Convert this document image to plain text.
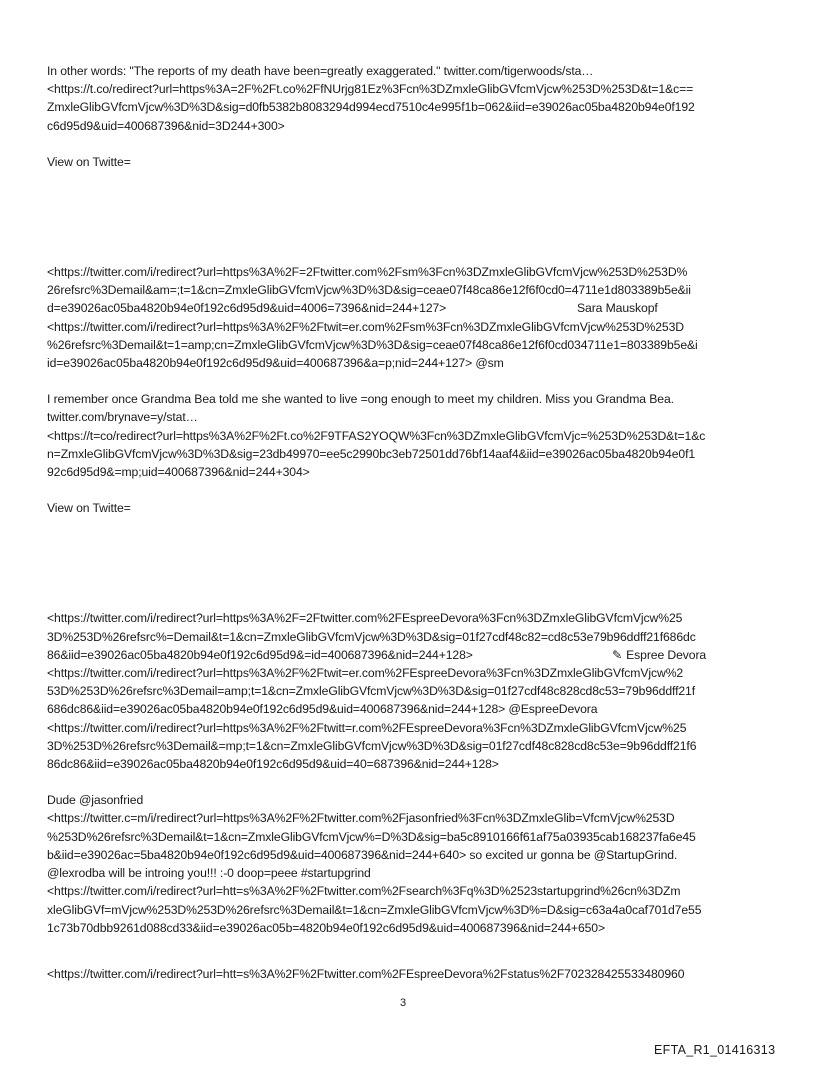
In other words: "The reports of my death have been=greatly exaggerated." twitter.com/tigerwoods/sta…
<https://t.co/redirect?url=https%3A=2F%2Ft.co%2FfNUrjg81Ez%3Fcn%3DZmxleGlibGVfcmVjcw%253D%253D&t=1&c==
ZmxleGlibGVfcmVjcw%3D%3D&sig=d0fb5382b8083294d994ecd7510c4e995f1b=062&iid=e39026ac05ba4820b94e0f192
c6d95d9&uid=400687396&nid=3D244+300>
View on Twitte=
<https://twitter.com/i/redirect?url=https%3A%2F=2Ftwitter.com%2Fsm%3Fcn%3DZmxleGlibGVfcmVjcw%253D%253D%
26refsrc%3Demail&am=;t=1&cn=ZmxleGlibGVfcmVjcw%3D%3D&sig=ceae07f48ca86e12f6f0cd0=4711e1d803389b5e&ii
d=e39026ac05ba4820b94e0f192c6d95d9&uid=4006=7396&nid=244+127>	Sara Mauskopf
<https://twitter.com/i/redirect?url=https%3A%2F%2Ftwit=er.com%2Fsm%3Fcn%3DZmxleGlibGVfcmVjcw%253D%253D
%26refsrc%3Demail&t=1=amp;cn=ZmxleGlibGVfcmVjcw%3D%3D&sig=ceae07f48ca86e12f6f0cd034711e1=803389b5e&i
id=e39026ac05ba4820b94e0f192c6d95d9&uid=400687396&a=p;nid=244+127> @sm
I remember once Grandma Bea told me she wanted to live =ong enough to meet my children. Miss you Grandma Bea.
twitter.com/brynave=y/stat…
<https://t=co/redirect?url=https%3A%2F%2Ft.co%2F9TFAS2YOQW%3Fcn%3DZmxleGlibGVfcmVjc=%253D%253D&t=1&c
n=ZmxleGlibGVfcmVjcw%3D%3D&sig=23db49970=ee5c2990bc3eb72501dd76bf14aaf4&iid=e39026ac05ba4820b94e0f1
92c6d95d9&=mp;uid=400687396&nid=244+304>
View on Twitte=
<https://twitter.com/i/redirect?url=https%3A%2F=2Ftwitter.com%2FEspreeDevora%3Fcn%3DZmxleGlibGVfcmVjcw%25
3D%253D%26refsrc%=Demail&t=1&cn=ZmxleGlibGVfcmVjcw%3D%3D&sig=01f27cdf48c82=cd8c53e79b96ddff21f686dc
86&iid=e39026ac05ba4820b94e0f192c6d95d9&=id=400687396&nid=244+128>	✎ Espree Devora
<https://twitter.com/i/redirect?url=https%3A%2F%2Ftwit=er.com%2FEspreeDevora%3Fcn%3DZmxleGlibGVfcmVjcw%2
53D%253D%26refsrc%3Demail=amp;t=1&cn=ZmxleGlibGVfcmVjcw%3D%3D&sig=01f27cdf48c828cd8c53=79b96ddff21f
686dc86&iid=e39026ac05ba4820b94e0f192c6d95d9&uid=400687396&nid=244+128> @EspreeDevora
<https://twitter.com/i/redirect?url=https%3A%2F%2Ftwitt=r.com%2FEspreeDevora%3Fcn%3DZmxleGlibGVfcmVjcw%25
3D%253D%26refsrc%3Demail&=mp;t=1&cn=ZmxleGlibGVfcmVjcw%3D%3D&sig=01f27cdf48c828cd8c53e=9b96ddff21f6
86dc86&iid=e39026ac05ba4820b94e0f192c6d95d9&uid=40=687396&nid=244+128>
Dude @jasonfried
<https://twitter.c=m/i/redirect?url=https%3A%2F%2Ftwitter.com%2Fjasonfried%3Fcn%3DZmxleGlib=VfcmVjcw%253D
%253D%26refsrc%3Demail&t=1&cn=ZmxleGlibGVfcmVjcw%=D%3D&sig=ba5c8910166f61af75a03935cab168237fa6e45
b&iid=e39026ac=5ba4820b94e0f192c6d95d9&uid=400687396&nid=244+640> so excited ur gonna be @StartupGrind.
@lexrodba will be introing you!!! :-0 doop=peee #startupgrind
<https://twitter.com/i/redirect?url=htt=s%3A%2F%2Ftwitter.com%2Fsearch%3Fq%3D%2523startupgrind%26cn%3DZm
xleGlibGVf=mVjcw%253D%253D%26refsrc%3Demail&t=1&cn=ZmxleGlibGVfcmVjcw%3D%=D&sig=c63a4a0caf701d7e55
1c73b70dbb9261d088cd33&iid=e39026ac05b=4820b94e0f192c6d95d9&uid=400687396&nid=244+650>
<https://twitter.com/i/redirect?url=htt=s%3A%2F%2Ftwitter.com%2FEspreeDevora%2Fstatus%2F702328425533480960
3
EFTA_R1_01416313
